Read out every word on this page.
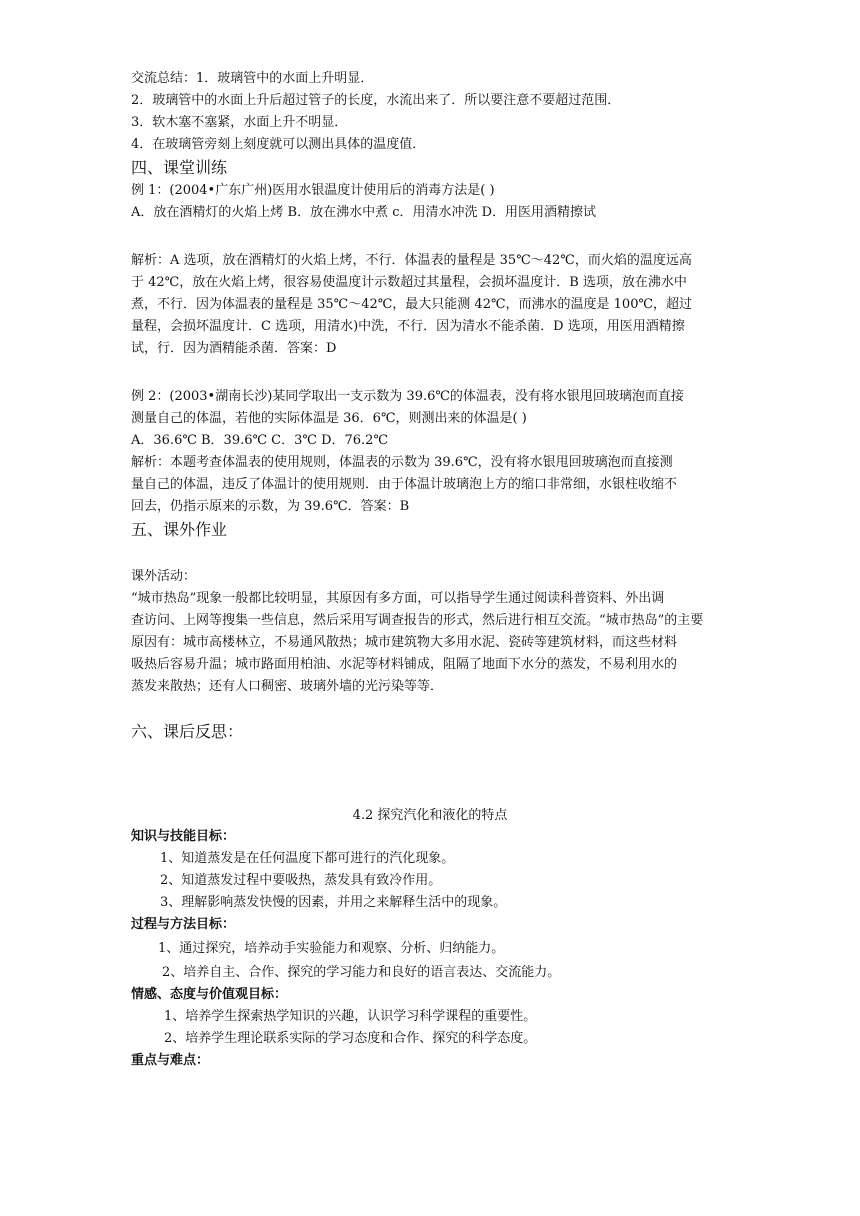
交流总结：1．玻璃管中的水面上升明显．
2．玻璃管中的水面上升后超过管子的长度，水流出来了．所以要注意不要超过范围．
3．软木塞不塞紧，水面上升不明显．
4．在玻璃管旁刻上刻度就可以测出具体的温度值．
四、课堂训练
例 1：(2004•广东广州)医用水银温度计使用后的消毒方法是( )
A．放在酒精灯的火焰上烤 B．放在沸水中煮 c．用清水冲洗 D．用医用酒精擦试
解析：A 选项，放在酒精灯的火焰上烤，不行．体温表的量程是 35℃～42℃，而火焰的温度远高
于 42℃，放在火焰上烤，很容易使温度计示数超过其量程，会损坏温度计．B 选项，放在沸水中
煮，不行．因为体温表的量程是 35℃～42℃，最大只能测 42℃，而沸水的温度是 100℃，超过
量程，会损坏温度计．C 选项，用清水)中洗，不行．因为清水不能杀菌．D 选项，用医用酒精擦
试，行．因为酒精能杀菌．答案：D
例 2：(2003•湖南长沙)某同学取出一支示数为 39.6℃的体温表，没有将水银甩回玻璃泡而直接
测量自己的体温，若他的实际体温是 36．6℃，则测出来的体温是( )
A．36.6℃ B．39.6℃ C．3℃ D．76.2℃
解析：本题考查体温表的使用规则，体温表的示数为 39.6℃，没有将水银甩回玻璃泡而直接测
量自己的体温，违反了体温计的使用规则．由于体温计玻璃泡上方的缩口非常细，水银柱收缩不
回去，仍指示原来的示数，为 39.6℃．答案：B
五、课外作业
课外活动：
“城市热岛”现象一般都比较明显，其原因有多方面，可以指导学生通过阅读科普资料、外出调
查访问、上网等搜集一些信息，然后采用写调查报告的形式，然后进行相互交流。“城市热岛”的主要
原因有：城市高楼林立，不易通风散热；城市建筑物大多用水泥、瓷砖等建筑材料，而这些材料
吸热后容易升温；城市路面用柏油、水泥等材料铺成，阻隔了地面下水分的蒸发，不易利用水的
蒸发来散热；还有人口稠密、玻璃外墙的光污染等等．
六、课后反思：
4.2 探究汽化和液化的特点
知识与技能目标：
1、知道蒸发是在任何温度下都可进行的汽化现象。
2、知道蒸发过程中要吸热，蒸发具有致冷作用。
3、理解影响蒸发快慢的因素，并用之来解释生活中的现象。
过程与方法目标：
1、通过探究，培养动手实验能力和观察、分析、归纳能力。
2、培养自主、合作、探究的学习能力和良好的语言表达、交流能力。
情感、态度与价值观目标：
1、培养学生探索热学知识的兴趣，认识学习科学课程的重要性。
2、培养学生理论联系实际的学习态度和合作、探究的科学态度。
重点与难点：
